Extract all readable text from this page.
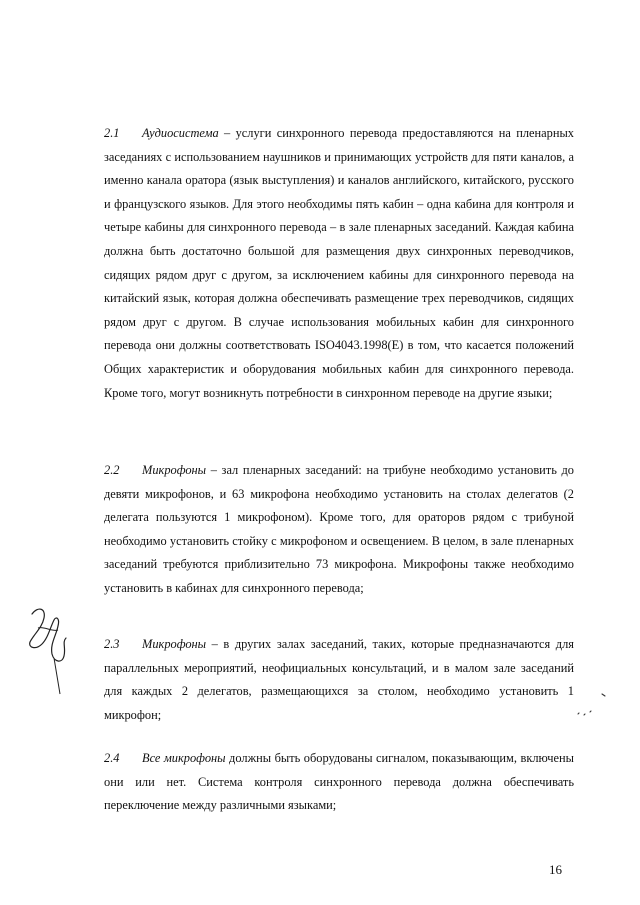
2.1 Аудиосистема – услуги синхронного перевода предоставляются на пленарных заседаниях с использованием наушников и принимающих устройств для пяти каналов, а именно канала оратора (язык выступления) и каналов английского, китайского, русского и французского языков. Для этого необходимы пять кабин – одна кабина для контроля и четыре кабины для синхронного перевода – в зале пленарных заседаний. Каждая кабина должна быть достаточно большой для размещения двух синхронных переводчиков, сидящих рядом друг с другом, за исключением кабины для синхронного перевода на китайский язык, которая должна обеспечивать размещение трех переводчиков, сидящих рядом друг с другом. В случае использования мобильных кабин для синхронного перевода они должны соответствовать ISO4043.1998(E) в том, что касается положений Общих характеристик и оборудования мобильных кабин для синхронного перевода. Кроме того, могут возникнуть потребности в синхронном переводе на другие языки;

2.2 Микрофоны – зал пленарных заседаний: на трибуне необходимо установить до девяти микрофонов, и 63 микрофона необходимо установить на столах делегатов (2 делегата пользуются 1 микрофоном). Кроме того, для ораторов рядом с трибуной необходимо установить стойку с микрофоном и освещением. В целом, в зале пленарных заседаний требуются приблизительно 73 микрофона. Микрофоны также необходимо установить в кабинах для синхронного перевода;

2.3 Микрофоны – в других залах заседаний, таких, которые предназначаются для параллельных мероприятий, неофициальных консультаций, и в малом зале заседаний для каждых 2 делегатов, размещающихся за столом, необходимо установить 1 микрофон;

2.4 Все микрофоны должны быть оборудованы сигналом, показывающим, включены они или нет. Система контроля синхронного перевода должна обеспечивать переключение между различными языками;

16
